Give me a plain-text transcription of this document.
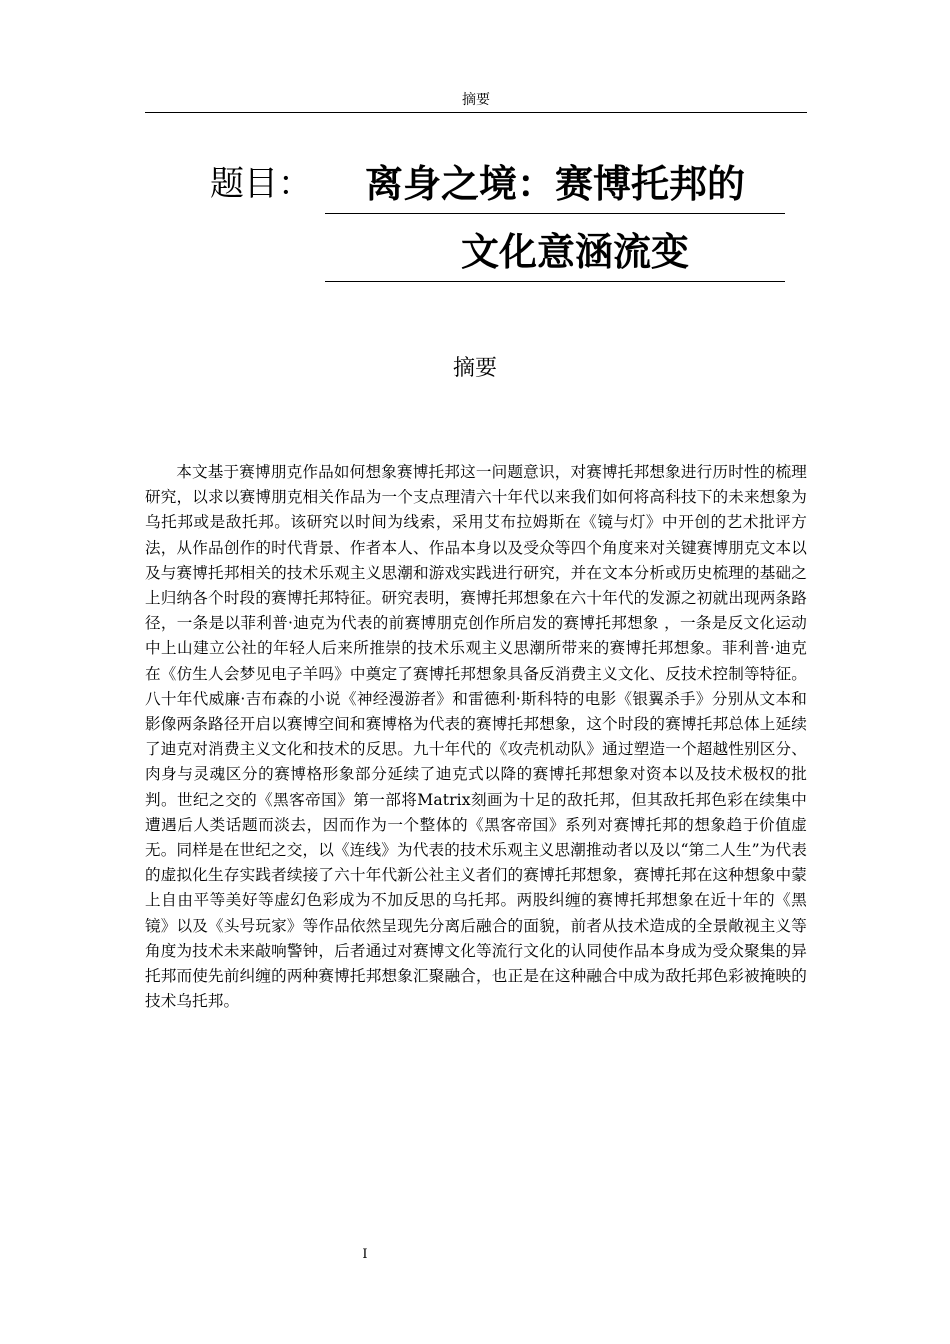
摘要
题目：	离身之境：赛博托邦的
文化意涵流变
摘要
本文基于赛博朋克作品如何想象赛博托邦这一问题意识，对赛博托邦想象进行历时性的梳理研究，以求以赛博朋克相关作品为一个支点理清六十年代以来我们如何将高科技下的未来想象为乌托邦或是敌托邦。该研究以时间为线索，采用艾布拉姆斯在《镜与灯》中开创的艺术批评方法，从作品创作的时代背景、作者本人、作品本身以及受众等四个角度来对关键赛博朋克文本以及与赛博托邦相关的技术乐观主义思潮和游戏实践进行研究，并在文本分析或历史梳理的基础之上归纳各个时段的赛博托邦特征。研究表明，赛博托邦想象在六十年代的发源之初就出现两条路径，一条是以菲利普·迪克为代表的前赛博朋克创作所启发的赛博托邦想象 ，一条是反文化运动中上山建立公社的年轻人后来所推崇的技术乐观主义思潮所带来的赛博托邦想象。菲利普·迪克在《仿生人会梦见电子羊吗》中奠定了赛博托邦想象具备反消费主义文化、反技术控制等特征。八十年代威廉·吉布森的小说《神经漫游者》和雷德利·斯科特的电影《银翼杀手》分别从文本和影像两条路径开启以赛博空间和赛博格为代表的赛博托邦想象，这个时段的赛博托邦总体上延续了迪克对消费主义文化和技术的反思。九十年代的《攻壳机动队》通过塑造一个超越性别区分、肉身与灵魂区分的赛博格形象部分延续了迪克式以降的赛博托邦想象对资本以及技术极权的批判。世纪之交的《黑客帝国》第一部将Matrix刻画为十足的敌托邦，但其敌托邦色彩在续集中遭遇后人类话题而淡去，因而作为一个整体的《黑客帝国》系列对赛博托邦的想象趋于价值虚无。同样是在世纪之交，以《连线》为代表的技术乐观主义思潮推动者以及以“第二人生”为代表的虚拟化生存实践者续接了六十年代新公社主义者们的赛博托邦想象，赛博托邦在这种想象中蒙上自由平等美好等虚幻色彩成为不加反思的乌托邦。两股纠缠的赛博托邦想象在近十年的《黑镜》以及《头号玩家》等作品依然呈现先分离后融合的面貌，前者从技术造成的全景敞视主义等角度为技术未来敲响警钟，后者通过对赛博文化等流行文化的认同使作品本身成为受众聚集的异托邦而使先前纠缠的两种赛博托邦想象汇聚融合，也正是在这种融合中成为敌托邦色彩被掩映的技术乌托邦。
I
